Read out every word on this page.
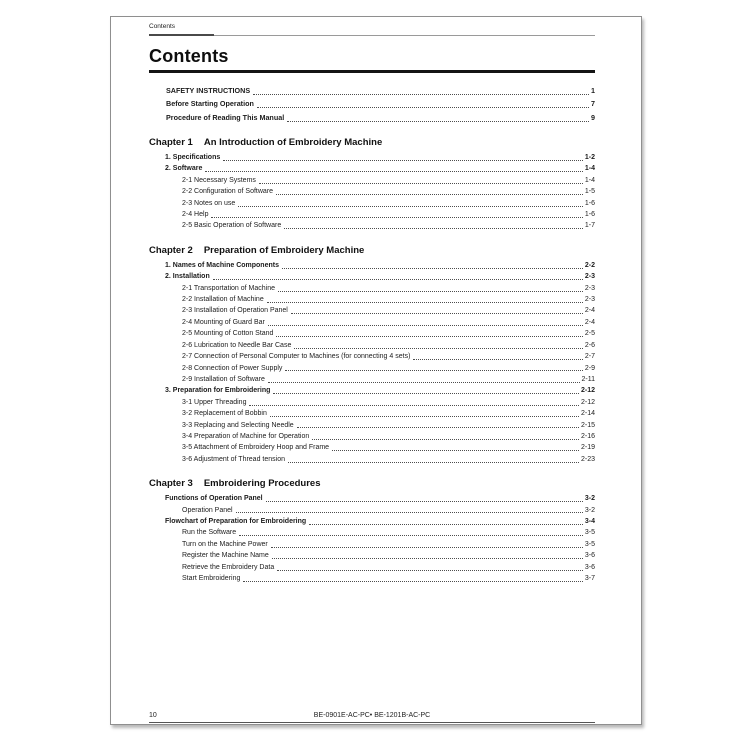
Contents
Contents
SAFETY INSTRUCTIONS	1
Before Starting Operation	7
Procedure of Reading This Manual	9
Chapter 1 An Introduction of Embroidery Machine
1. Specifications	1-2
2. Software	1-4
2-1 Necessary Systems	1-4
2-2 Configuration of Software	1-5
2-3 Notes on use	1-6
2-4 Help	1-6
2-5 Basic Operation of Software	1-7
Chapter 2 Preparation of Embroidery Machine
1. Names of Machine Components	2-2
2. Installation	2-3
2-1 Transportation of Machine	2-3
2-2 Installation of Machine	2-3
2-3 Installation of Operation Panel	2-4
2-4 Mounting of Guard Bar	2-4
2-5 Mounting of Cotton Stand	2-5
2-6 Lubrication to Needle Bar Case	2-6
2-7 Connection of Personal Computer to Machines (for connecting 4 sets)	2-7
2-8 Connection of Power Supply	2-9
2-9 Installation of Software	2-11
3. Preparation for Embroidering	2-12
3-1 Upper Threading	2-12
3-2 Replacement of Bobbin	2-14
3-3 Replacing and Selecting Needle	2-15
3-4 Preparation of Machine for Operation	2-16
3-5 Attachment of Embroidery Hoop and Frame	2-19
3-6 Adjustment of Thread tension	2-23
Chapter 3 Embroidering Procedures
Functions of Operation Panel	3-2
Operation Panel	3-2
Flowchart of Preparation for Embroidering	3-4
Run the Software	3-5
Turn on the Machine Power	3-5
Register the Machine Name	3-6
Retrieve the Embroidery Data	3-6
Start Embroidering	3-7
10	BE-0901E-AC-PC• BE-1201B-AC-PC
